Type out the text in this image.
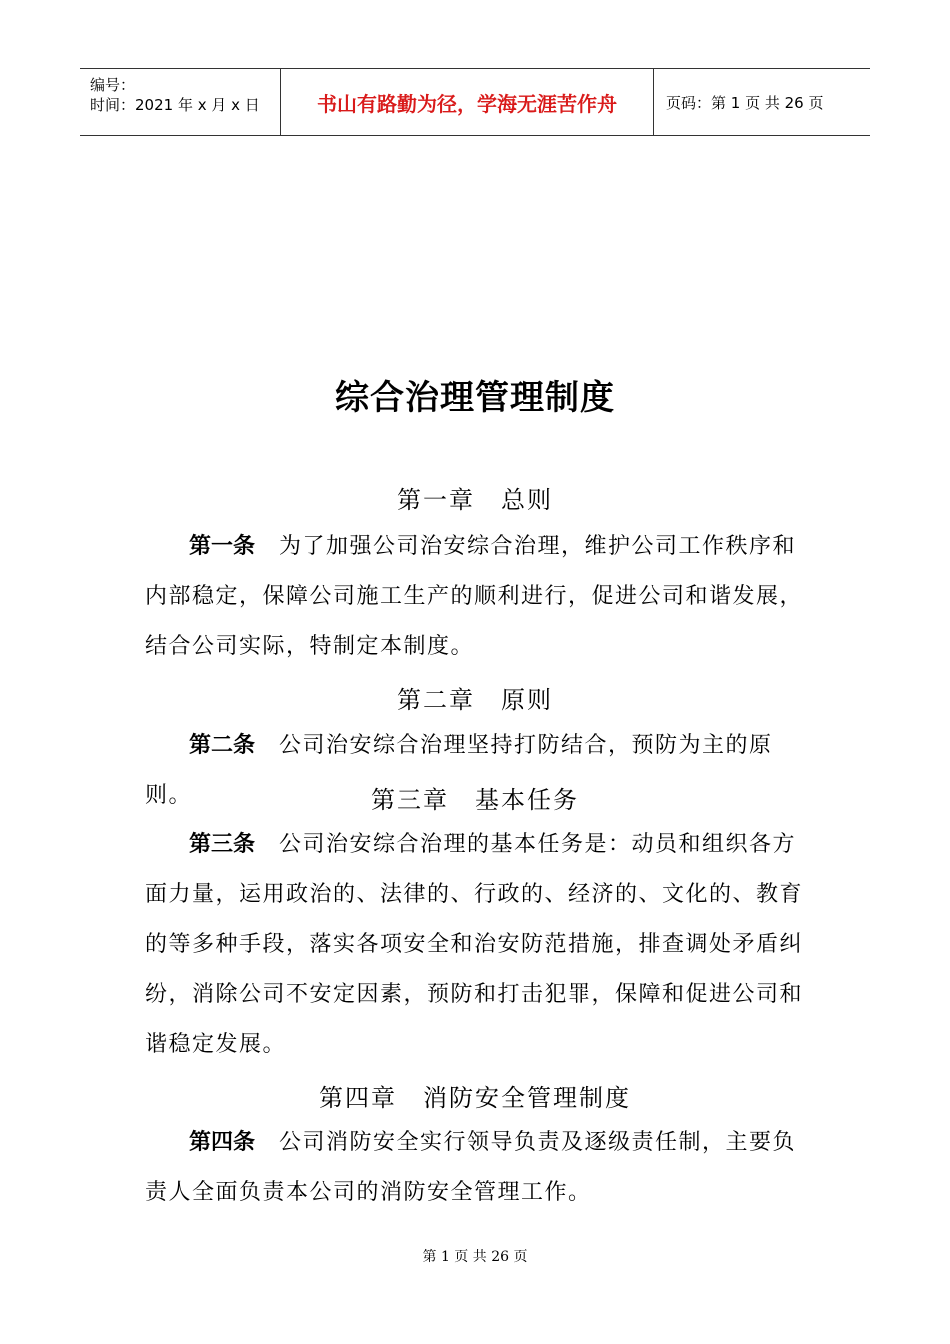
编号：
时间：2021 年 x 月 x 日	书山有路勤为径，学海无涯苦作舟	页码：第 1 页 共 26 页
综合治理管理制度
第一章　总则

第一条 为了加强公司治安综合治理，维护公司工作秩序和内部稳定，保障公司施工生产的顺利进行，促进公司和谐发展，结合公司实际，特制定本制度。

第二章　原则

第二条 公司治安综合治理坚持打防结合，预防为主的原则。	第三章　基本任务

第三条 公司治安综合治理的基本任务是：动员和组织各方面力量，运用政治的、法律的、行政的、经济的、文化的、教育的等多种手段，落实各项安全和治安防范措施，排查调处矛盾纠纷，消除公司不安定因素，预防和打击犯罪，保障和促进公司和谐稳定发展。

第四章　消防安全管理制度

第四条 公司消防安全实行领导负责及逐级责任制，主要负责人全面负责本公司的消防安全管理工作。

第 1 页 共 26 页
